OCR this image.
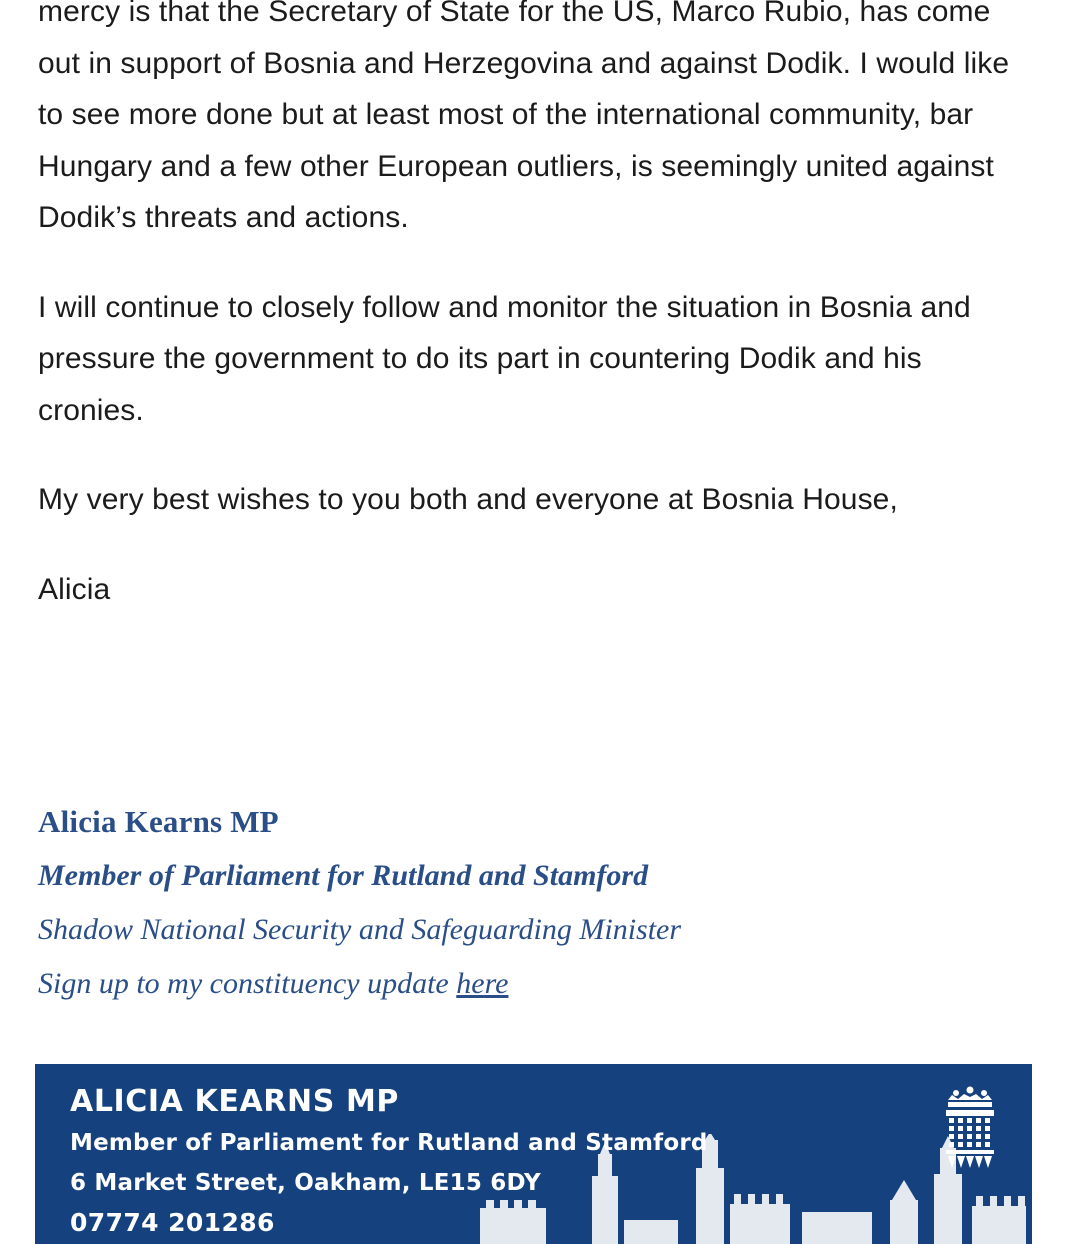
mercy is that the Secretary of State for the US, Marco Rubio, has come out in support of Bosnia and Herzegovina and against Dodik. I would like to see more done but at least most of the international community, bar Hungary and a few other European outliers, is seemingly united against Dodik’s threats and actions.

I will continue to closely follow and monitor the situation in Bosnia and pressure the government to do its part in countering Dodik and his cronies.

My very best wishes to you both and everyone at Bosnia House,

Alicia

Alicia Kearns MP
Member of Parliament for Rutland and Stamford
Shadow National Security and Safeguarding Minister
Sign up to my constituency update here
ALICIA KEARNS MP
Member of Parliament for Rutland and Stamford
6 Market Street, Oakham, LE15 6DY
07774 201286
